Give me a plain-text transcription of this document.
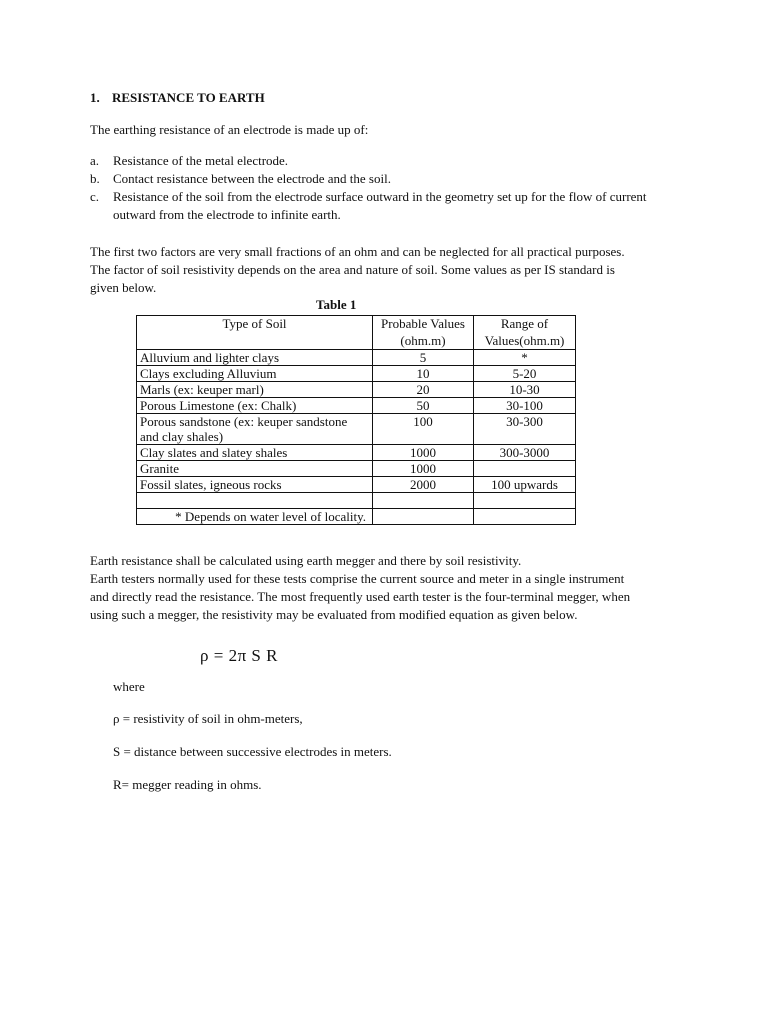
1. RESISTANCE TO EARTH
The earthing resistance of an electrode is made up of:
a. Resistance of the metal electrode.
b. Contact resistance between the electrode and the soil.
c. Resistance of the soil from the electrode surface outward in the geometry set up for the flow of current outward from the electrode to infinite earth.
The first two factors are very small fractions of an ohm and can be neglected for all practical purposes.
The factor of soil resistivity depends on the area and nature of soil. Some values as per IS standard is
given below.
Table 1
Type of Soil	Probable Values (ohm.m)	Range of Values(ohm.m)
Alluvium and lighter clays	5	*
Clays excluding Alluvium	10	5-20
Marls (ex: keuper marl)	20	10-30
Porous Limestone (ex: Chalk)	50	30-100
Porous sandstone (ex: keuper sandstone and clay shales)	100	30-300
Clay slates and slatey shales	1000	300-3000
Granite	1000	
Fossil slates, igneous rocks	2000	100 upwards

* Depends on water level of locality.		
Earth resistance shall be calculated using earth megger and there by soil resistivity.
Earth testers normally used for these tests comprise the current source and meter in a single instrument
and directly read the resistance. The most frequently used earth tester is the four-terminal megger, when
using such a megger, the resistivity may be evaluated from modified equation as given below.
ρ = 2π S R
where
ρ = resistivity of soil in ohm-meters,
S = distance between successive electrodes in meters.
R= megger reading in ohms.
